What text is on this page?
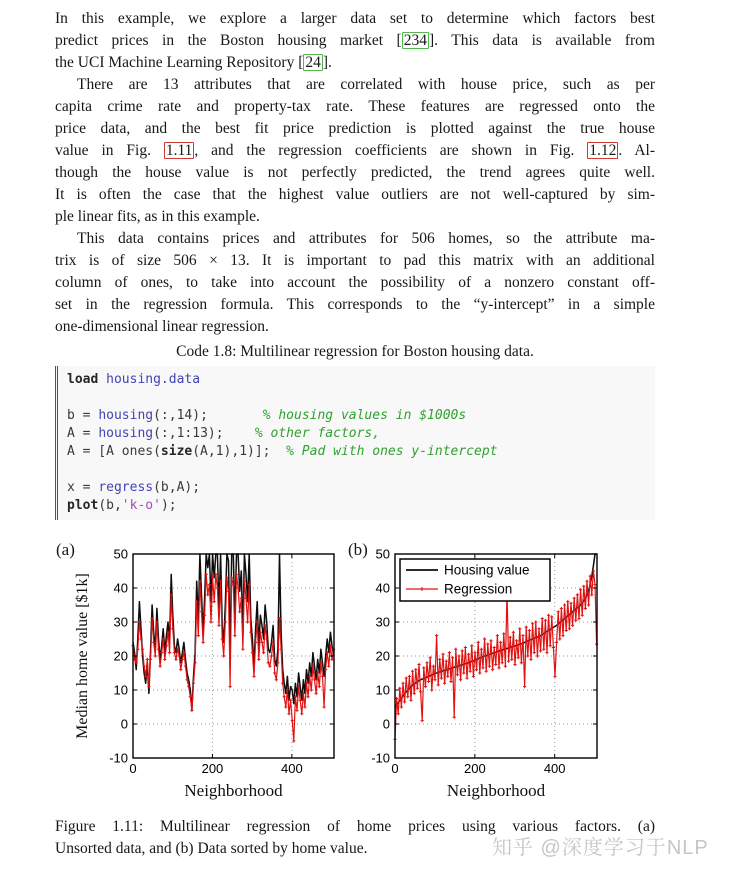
In this example, we explore a larger data set to determine which factors best
predict prices in the Boston housing market [ 234 ]. This data is available from
the UCI Machine Learning Repository [ 24 ].
There are 13 attributes that are correlated with house price, such as per
capita crime rate and property-tax rate. These features are regressed onto the
price data, and the best fit price prediction is plotted against the true house
value in Fig. 1.11 , and the regression coefficients are shown in Fig. 1.12 . Al-
though the house value is not perfectly predicted, the trend agrees quite well.
It is often the case that the highest value outliers are not well-captured by sim-
ple linear fits, as in this example.
This data contains prices and attributes for 506 homes, so the attribute ma-
trix is of size 506 × 13. It is important to pad this matrix with an additional
column of ones, to take into account the possibility of a nonzero constant off-
set in the regression formula. This corresponds to the “y-intercept” in a simple
one-dimensional linear regression.
Code 1.8: Multilinear regression for Boston housing data.
load housing.data

b = housing(:,14);       % housing values in $1000s
A = housing(:,1:13);    % other factors,
A = [A ones(size(A,1),1)];  % Pad with ones y-intercept

x = regress(b,A);
plot(b,'k-o');
(a)	(b)
0	200	400
-10
0
10
20
30
40
50
Neighborhood
Median home value [$1k]
0	200	400
-10
0
10
20
30
40
50
Neighborhood
Housing value
Regression
Figure 1.11: Multilinear regression of home prices using various factors. (a)
Unsorted data, and (b) Data sorted by home value.	知乎 @深度学习于NLP
